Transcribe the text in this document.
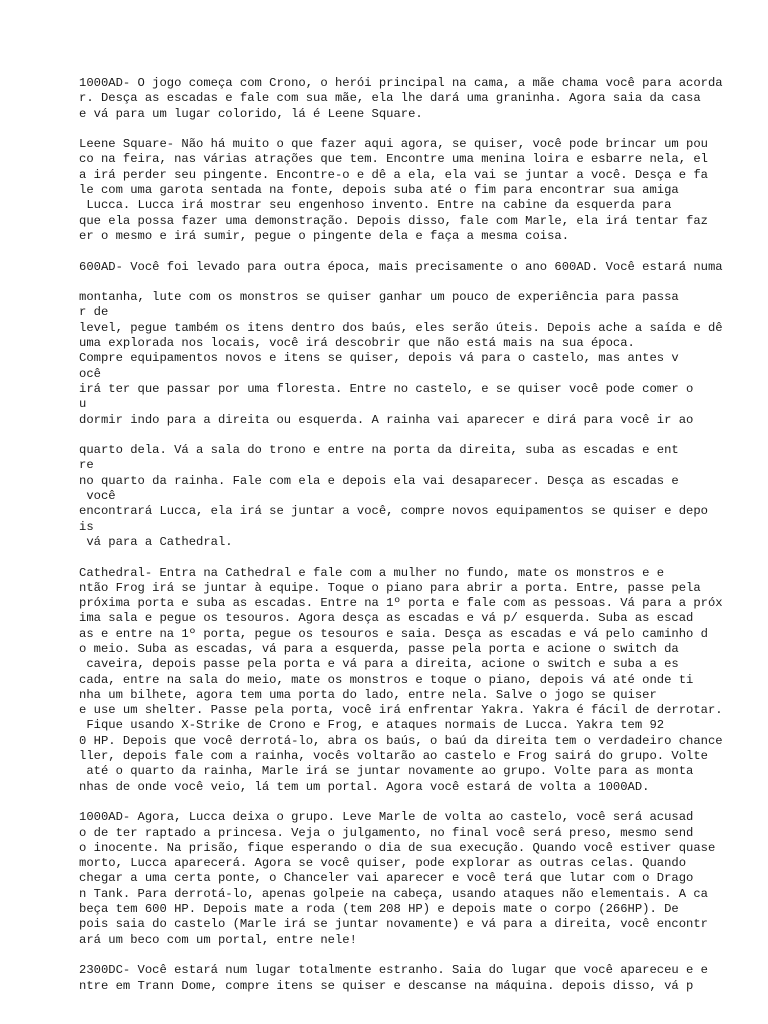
1000AD- O jogo começa com Crono, o herói principal na cama, a mãe chama você para acorda
r. Desça as escadas e fale com sua mãe, ela lhe dará uma graninha. Agora saia da casa
e vá para um lugar colorido, lá é Leene Square.
Leene Square- Não há muito o que fazer aqui agora, se quiser, você pode brincar um pou
co na feira, nas várias atrações que tem. Encontre uma menina loira e esbarre nela, el
a irá perder seu pingente. Encontre-o e dê a ela, ela vai se juntar a você. Desça e fa
le com uma garota sentada na fonte, depois suba até o fim para encontrar sua amiga
Lucca. Lucca irá mostrar seu engenhoso invento. Entre na cabine da esquerda para
que ela possa fazer uma demonstração. Depois disso, fale com Marle, ela irá tentar faz
er o mesmo e irá sumir, pegue o pingente dela e faça a mesma coisa.
600AD- Você foi levado para outra época, mais precisamente o ano 600AD. Você estará numa
montanha, lute com os monstros se quiser ganhar um pouco de experiência para passa
r de
level, pegue também os itens dentro dos baús, eles serão úteis. Depois ache a saída e dê
uma explorada nos locais, você irá descobrir que não está mais na sua época.
Compre equipamentos novos e itens se quiser, depois vá para o castelo, mas antes v
ocê
irá ter que passar por uma floresta. Entre no castelo, e se quiser você pode comer o
u
dormir indo para a direita ou esquerda. A rainha vai aparecer e dirá para você ir ao
quarto dela. Vá a sala do trono e entre na porta da direita, suba as escadas e ent
re
no quarto da rainha. Fale com ela e depois ela vai desaparecer. Desça as escadas e
você
encontrará Lucca, ela irá se juntar a você, compre novos equipamentos se quiser e depo
is
vá para a Cathedral.
Cathedral- Entra na Cathedral e fale com a mulher no fundo, mate os monstros e e
ntão Frog irá se juntar à equipe. Toque o piano para abrir a porta. Entre, passe pela
próxima porta e suba as escadas. Entre na 1º porta e fale com as pessoas. Vá para a próx
ima sala e pegue os tesouros. Agora desça as escadas e vá p/ esquerda. Suba as escad
as e entre na 1º porta, pegue os tesouros e saia. Desça as escadas e vá pelo caminho d
o meio. Suba as escadas, vá para a esquerda, passe pela porta e acione o switch da
caveira, depois passe pela porta e vá para a direita, acione o switch e suba a es
cada, entre na sala do meio, mate os monstros e toque o piano, depois vá até onde ti
nha um bilhete, agora tem uma porta do lado, entre nela. Salve o jogo se quiser
e use um shelter. Passe pela porta, você irá enfrentar Yakra. Yakra é fácil de derrotar.
Fique usando X-Strike de Crono e Frog, e ataques normais de Lucca. Yakra tem 92
0 HP. Depois que você derrotá-lo, abra os baús, o baú da direita tem o verdadeiro chance
ller, depois fale com a rainha, vocês voltarão ao castelo e Frog sairá do grupo. Volte
até o quarto da rainha, Marle irá se juntar novamente ao grupo. Volte para as monta
nhas de onde você veio, lá tem um portal. Agora você estará de volta a 1000AD.
1000AD- Agora, Lucca deixa o grupo. Leve Marle de volta ao castelo, você será acusad
o de ter raptado a princesa. Veja o julgamento, no final você será preso, mesmo send
o inocente. Na prisão, fique esperando o dia de sua execução. Quando você estiver quase
morto, Lucca aparecerá. Agora se você quiser, pode explorar as outras celas. Quando
chegar a uma certa ponte, o Chanceler vai aparecer e você terá que lutar com o Drago
n Tank. Para derrotá-lo, apenas golpeie na cabeça, usando ataques não elementais. A ca
beça tem 600 HP. Depois mate a roda (tem 208 HP) e depois mate o corpo (266HP). De
pois saia do castelo (Marle irá se juntar novamente) e vá para a direita, você encontr
ará um beco com um portal, entre nele!
2300DC- Você estará num lugar totalmente estranho. Saia do lugar que você apareceu e e
ntre em Trann Dome, compre itens se quiser e descanse na máquina. depois disso, vá p
